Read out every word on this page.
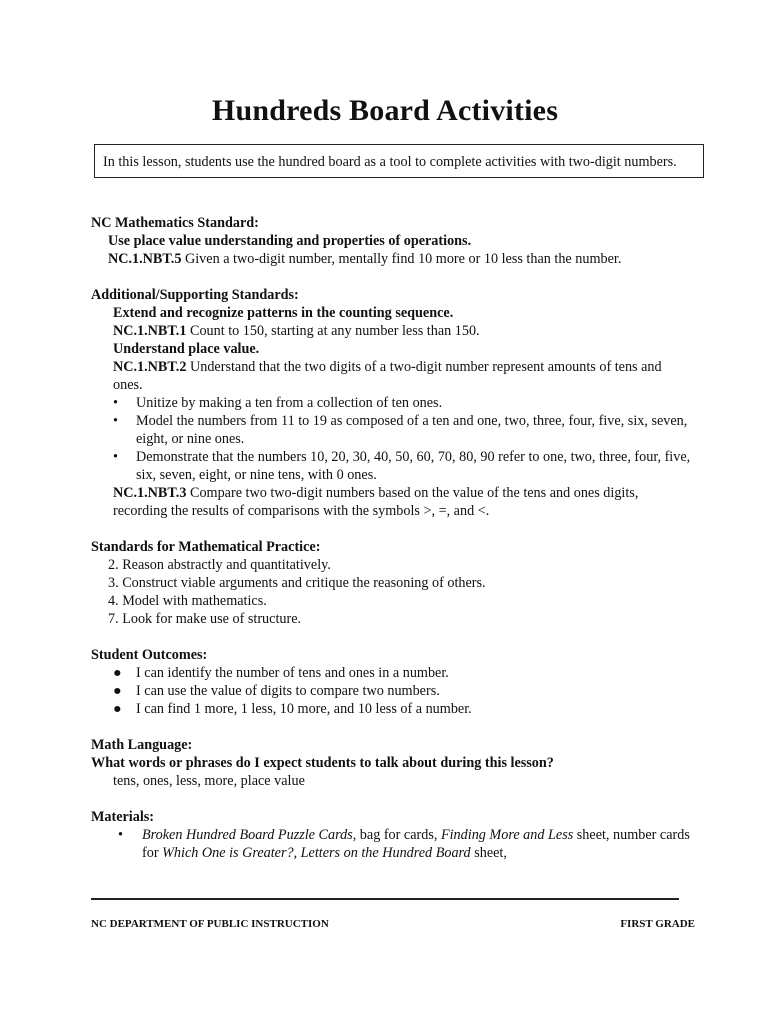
Hundreds Board Activities
In this lesson, students use the hundred board as a tool to complete activities with two-digit numbers.
NC Mathematics Standard:
Use place value understanding and properties of operations.
NC.1.NBT.5 Given a two-digit number, mentally find 10 more or 10 less than the number.
Additional/Supporting Standards:
Extend and recognize patterns in the counting sequence.
NC.1.NBT.1 Count to 150, starting at any number less than 150.
Understand place value.
NC.1.NBT.2 Understand that the two digits of a two-digit number represent amounts of tens and ones.
• Unitize by making a ten from a collection of ten ones.
• Model the numbers from 11 to 19 as composed of a ten and one, two, three, four, five, six, seven, eight, or nine ones.
• Demonstrate that the numbers 10, 20, 30, 40, 50, 60, 70, 80, 90 refer to one, two, three, four, five, six, seven, eight, or nine tens, with 0 ones.
NC.1.NBT.3 Compare two two-digit numbers based on the value of the tens and ones digits, recording the results of comparisons with the symbols >, =, and <.
Standards for Mathematical Practice:
2. Reason abstractly and quantitatively.
3. Construct viable arguments and critique the reasoning of others.
4. Model with mathematics.
7. Look for make use of structure.
Student Outcomes:
● I can identify the number of tens and ones in a number.
● I can use the value of digits to compare two numbers.
● I can find 1 more, 1 less, 10 more, and 10 less of a number.
Math Language:
What words or phrases do I expect students to talk about during this lesson?
tens, ones, less, more, place value
Materials:
• Broken Hundred Board Puzzle Cards, bag for cards, Finding More and Less sheet, number cards for Which One is Greater?, Letters on the Hundred Board sheet,
NC DEPARTMENT OF PUBLIC INSTRUCTION	FIRST GRADE
